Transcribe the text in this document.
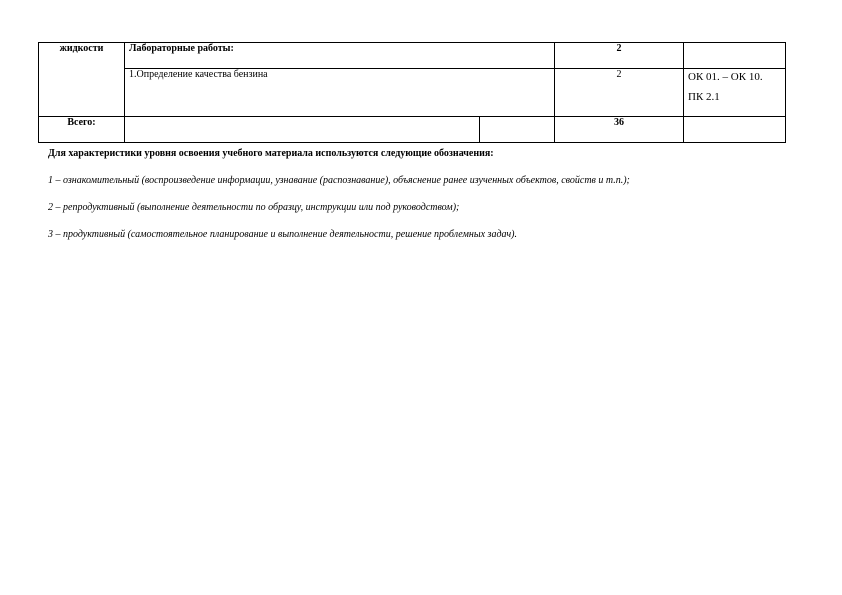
жидкости	Лабораторные работы:		2	
	1.Определение качества бензина		2	ОК 01. – ОК 10.
ПК 2.1

Всего:			36	
Для характеристики уровня освоения учебного материала используются следующие обозначения:
1 – ознакомительный (воспроизведение информации, узнавание (распознавание), объяснение ранее изученных объектов, свойств и т.п.);
2 – репродуктивный (выполнение деятельности по образцу, инструкции или под руководством);
3 – продуктивный (самостоятельное планирование и выполнение деятельности, решение проблемных задач).
